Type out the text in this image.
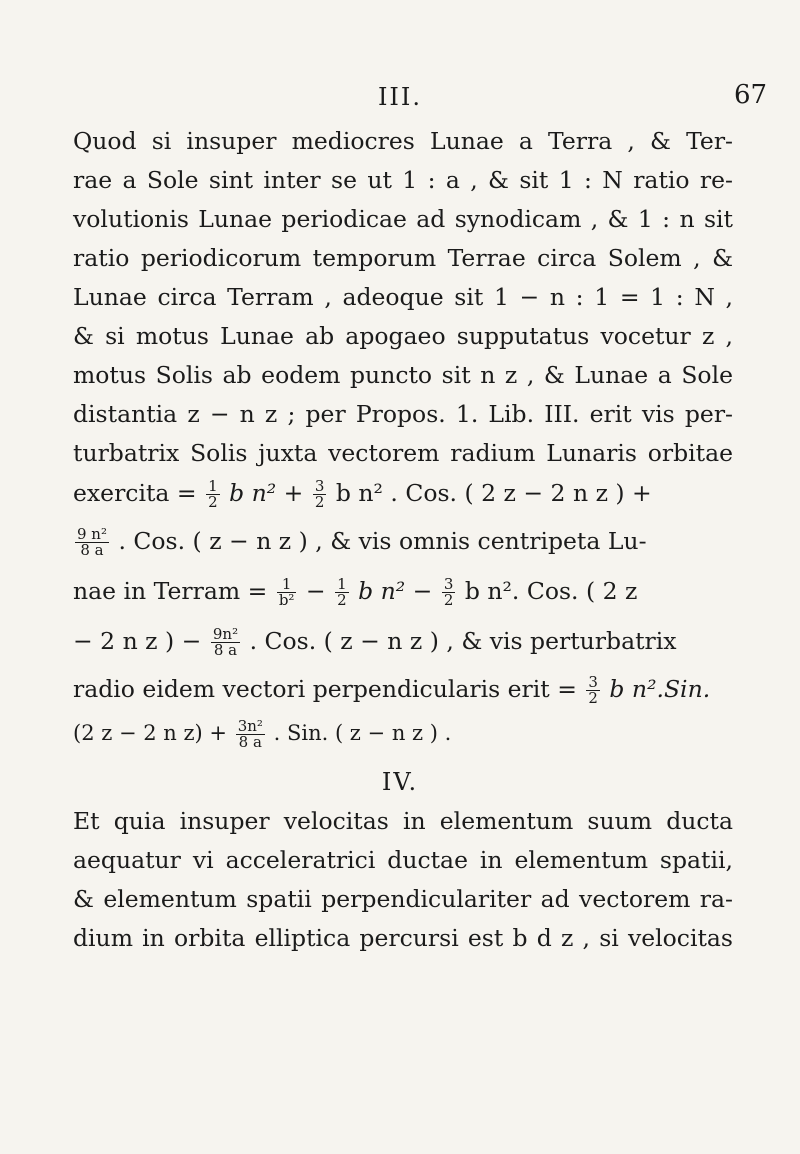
67
III.
Quod si insuper mediocres Lunae a Terra , & Ter-
rae a Sole sint inter se ut 1 : a , & sit 1 : N ratio re-
volutionis Lunae periodicae ad synodicam , & 1 : n sit
ratio periodicorum temporum Terrae circa Solem , &
Lunae circa Terram , adeoque sit 1 − n : 1 = 1 : N ,
& si motus Lunae ab apogaeo supputatus vocetur z ,
motus Solis ab eodem puncto sit n z , & Lunae a Sole
distantia z − n z ; per Propos. 1. Lib. III. erit vis per-
turbatrix Solis juxta vectorem radium Lunaris orbitae
exercita = $\frac{1}{2}$ b $n^2 + \frac{3}{2}$ b n² . Cos. ( 2 z − 2 n z ) +
$\frac{\text{9 n²}}{8 a}$ . Cos. ( z − n z ) , & vis omnis centripeta Lu-
nae in Terram = $\frac{1}{\text{b²}} - \frac{1}{2}$ b $n^2 - \frac{3}{2}$ b n². Cos. ( 2 z
− 2 n z ) − $\frac{\text{9n²}}{8 a}$ . Cos. ( z − n z ) , & vis perturbatrix
radio eidem vectori perpendicularis erit = $\frac{3}{2}$ b n².Sin.
(2 z − 2 n $z) + \frac{\text{3n²}}{8 a}$ . Sin. ( z − n z ) .
IV.
Et quia insuper velocitas in elementum suum ducta
aequatur vi acceleratrici ductae in elementum spatii,
& elementum spatii perpendiculariter ad vectorem ra-
dium in orbita elliptica percursi est b d z , si velocitas
